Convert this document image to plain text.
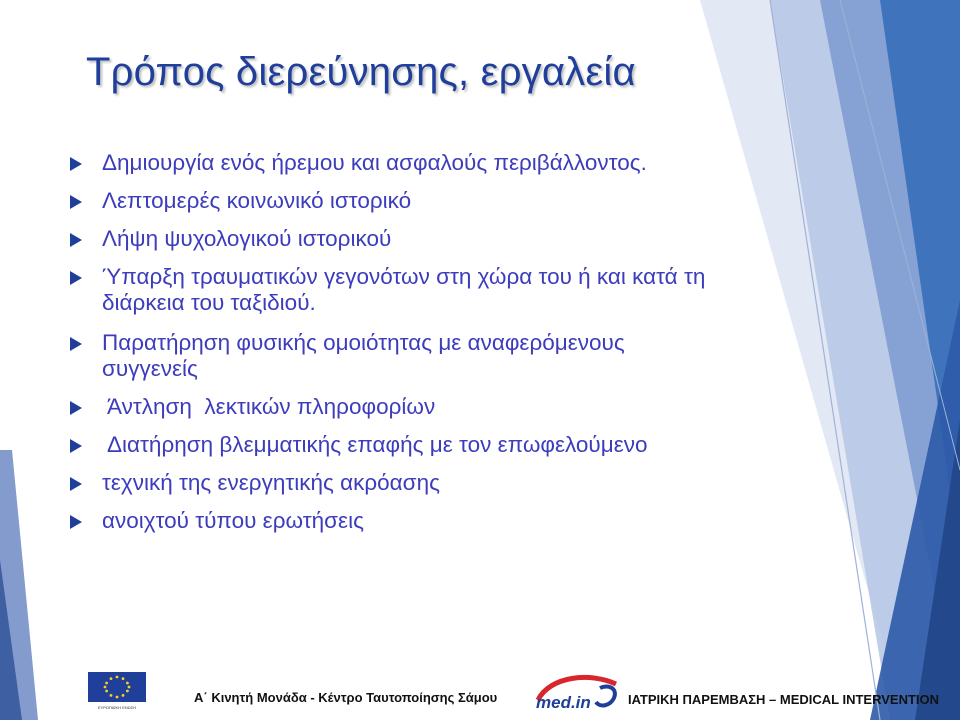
Τρόπος διερεύνησης, εργαλεία
Δημιουργία ενός ήρεμου και ασφαλούς περιβάλλοντος.
Λεπτομερές κοινωνικό ιστορικό
Λήψη ψυχολογικού ιστορικού
Ύπαρξη τραυματικών γεγονότων στη χώρα του ή και κατά τη διάρκεια του ταξιδιού.
Παρατήρηση φυσικής ομοιότητας με αναφερόμενους συγγενείς
Άντληση  λεκτικών πληροφορίων
Διατήρηση βλεμματικής επαφής με τον επωφελούμενο
τεχνική της ενεργητικής ακρόασης
ανοιχτού τύπου ερωτήσεις
ΕΥΡΩΠΑΪΚΗ ΕΝΩΣΗ
Α΄ Κινητή Μονάδα - Κέντρο Ταυτοποίησης Σάμου med.in	ΙΑΤΡΙΚΗ ΠΑΡΕΜΒΑΣΗ – MEDICAL INTERVENTION
